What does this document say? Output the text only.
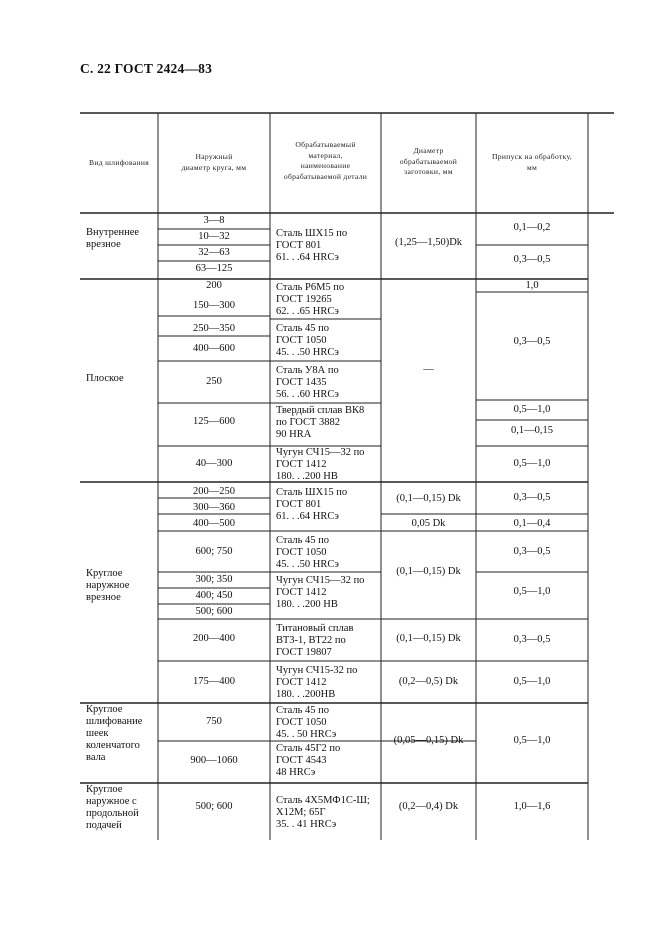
С. 22 ГОСТ 2424—83
Вид шлифования
Наружный
диаметр круга, мм
Обрабатываемый
материал,
наименование
обрабатываемой детали
Диаметр
обрабатываемой
заготовки, мм
Припуск на обработку,
мм
Внутреннее
врезное
Плоское
Круглое
наружное
врезное
Круглое
шлифование
шеек
коленчатого
вала
Круглое
наружное с
продольной
подачей
3—8
10—32
32—63
63—125
200
150—300
250—350
400—600
250
125—600
40—300
200—250
300—360
400—500
600; 750
300; 350
400; 450
500; 600
200—400
175—400
750
900—1060
500; 600
Сталь ШХ15 по
ГОСТ 801
61. . .64 HRCэ
Сталь Р6М5 по
ГОСТ 19265
62. . .65 HRCэ
Сталь 45 по
ГОСТ 1050
45. . .50 HRCэ
Сталь У8А по
ГОСТ 1435
56. . .60 HRCэ
Твердый сплав ВК8
по ГОСТ 3882
90 HRA
Чугун СЧ15—32 по
ГОСТ 1412
180. . .200 НВ
Сталь ШХ15 по
ГОСТ 801
61. . .64 HRCэ
Сталь 45 по
ГОСТ 1050
45. . .50 HRCэ
Чугун СЧ15—32 по
ГОСТ 1412
180. . .200 НВ
Титановый сплав
ВТ3-1, ВТ22 по
ГОСТ 19807
Чугун СЧ15-32 по
ГОСТ 1412
180. . .200НВ
Сталь 45 по
ГОСТ 1050
45. . 50 HRCэ
Сталь 45Г2 по
ГОСТ 4543
48 HRCэ
Сталь 4Х5МФ1С-Ш;
Х12М; 65Г
35. . 41 HRCэ
(1,25—1,50)Dk
—
(0,1—0,15) Dk
0,05 Dk
(0,1—0,15) Dk
(0,1—0,15) Dk
(0,2—0,5) Dk
(0,05—0,15) Dk
(0,2—0,4) Dk
0,1—0,2
0,3—0,5
1,0
0,3—0,5
0,5—1,0
0,1—0,15
0,5—1,0
0,3—0,5
0,1—0,4
0,3—0,5
0,5—1,0
0,3—0,5
0,5—1,0
0,5—1,0
1,0—1,6
